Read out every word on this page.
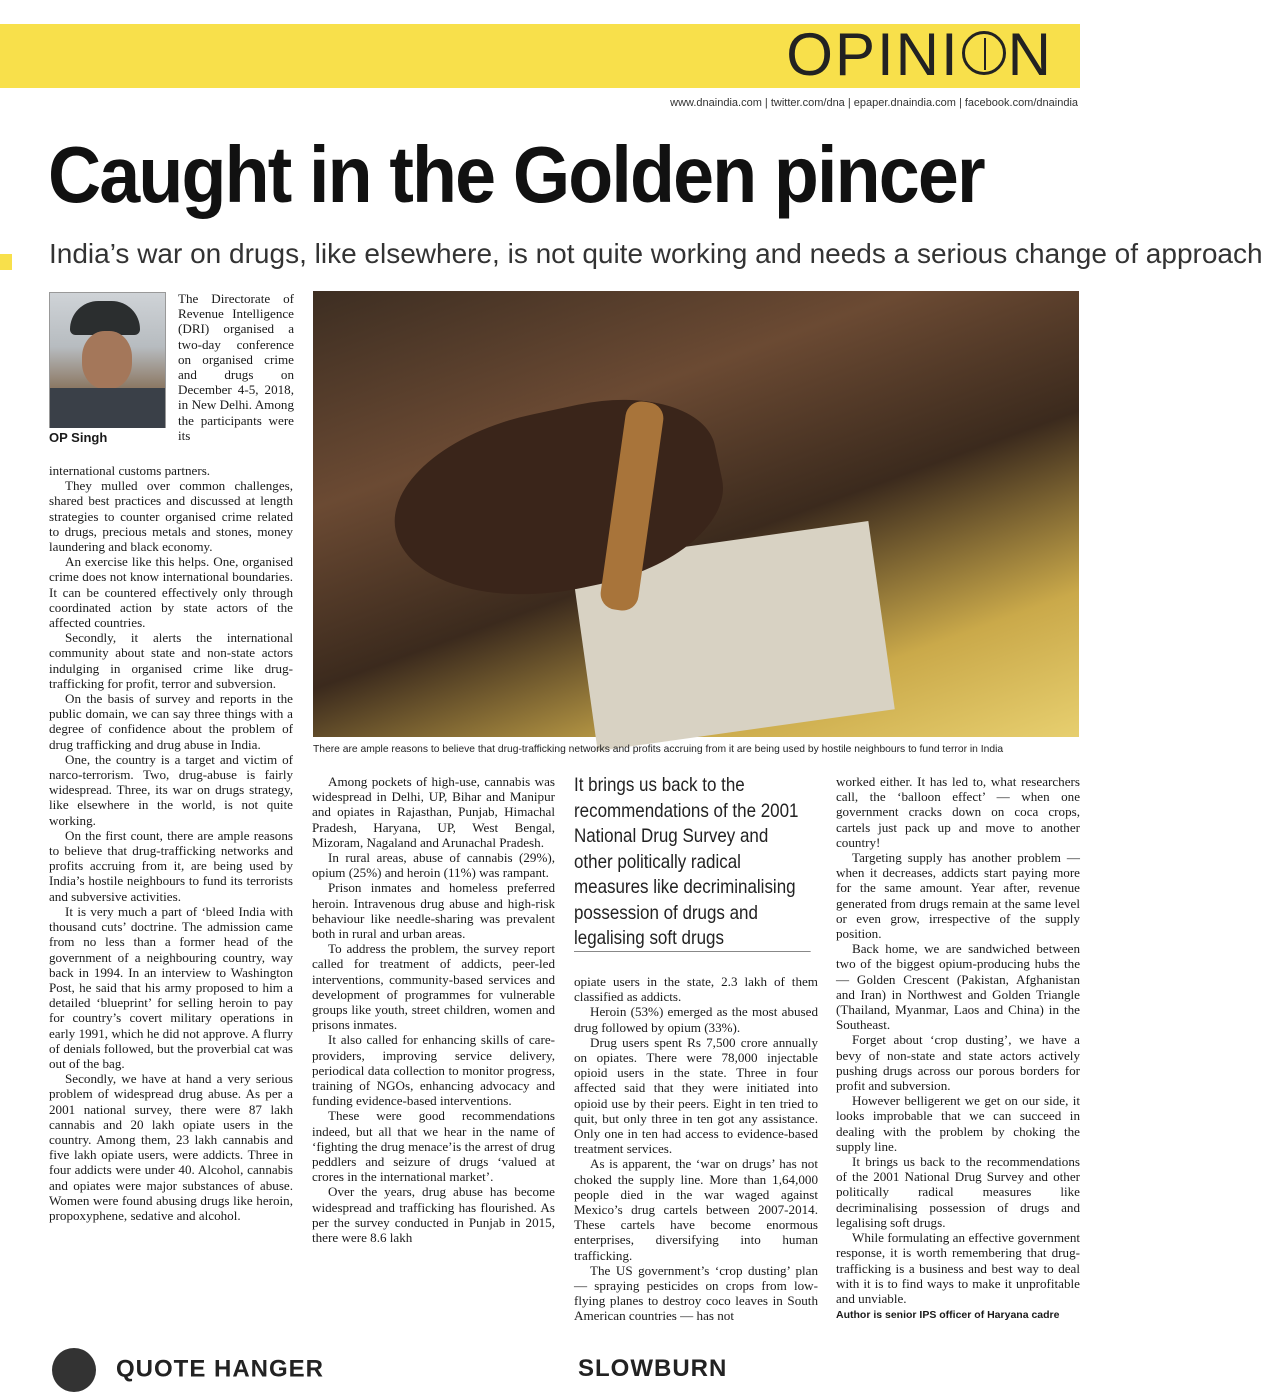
OPINI N
www.dnaindia.com | twitter.com/dna | epaper.dnaindia.com | facebook.com/dnaindia
Caught in the Golden pincer
India’s war on drugs, like elsewhere, is not quite working and needs a serious change of approach
OP Singh

The Directorate of Revenue Intelligence (DRI) organised a two-day conference on organised crime and drugs on December 4-5, 2018, in New Delhi. Among the participants were its

There are ample reasons to believe that drug-trafficking networks and profits accruing from it are being used by hostile neighbours to fund terror in India

international customs partners.

They mulled over common challenges, shared best practices and discussed at length strategies to counter organised crime related to drugs, precious metals and stones, money laundering and black economy.

An exercise like this helps. One, organised crime does not know international boundaries. It can be countered effectively only through coordinated action by state actors of the affected countries.

Secondly, it alerts the international community about state and non-state actors indulging in organised crime like drug-trafficking for profit, terror and subversion.

On the basis of survey and reports in the public domain, we can say three things with a degree of confidence about the problem of drug trafficking and drug abuse in India.

One, the country is a target and victim of narco-terrorism. Two, drug-abuse is fairly widespread. Three, its war on drugs strategy, like elsewhere in the world, is not quite working.

On the first count, there are ample reasons to believe that drug-trafficking networks and profits accruing from it, are being used by India’s hostile neighbours to fund its terrorists and subversive activities.

It is very much a part of ‘bleed India with thousand cuts’ doctrine. The admission came from no less than a former head of the government of a neighbouring country, way back in 1994. In an interview to Washington Post, he said that his army proposed to him a detailed ‘blueprint’ for selling heroin to pay for country’s covert military operations in early 1991, which he did not approve. A flurry of denials followed, but the proverbial cat was out of the bag.

Secondly, we have at hand a very serious problem of widespread drug abuse. As per a 2001 national survey, there were 87 lakh cannabis and 20 lakh opiate users in the country. Among them, 23 lakh cannabis and five lakh opiate users, were addicts. Three in four addicts were under 40. Alcohol, cannabis and opiates were major substances of abuse. Women were found abusing drugs like heroin, propoxyphene, sedative and alcohol.

Among pockets of high-use, cannabis was widespread in Delhi, UP, Bihar and Manipur and opiates in Rajasthan, Punjab, Himachal Pradesh, Haryana, UP, West Bengal, Mizoram, Nagaland and Arunachal Pradesh.

In rural areas, abuse of cannabis (29%), opium (25%) and heroin (11%) was rampant.

Prison inmates and homeless preferred heroin. Intravenous drug abuse and high-risk behaviour like needle-sharing was prevalent both in rural and urban areas.

To address the problem, the survey report called for treatment of addicts, peer-led interventions, community-based services and development of programmes for vulnerable groups like youth, street children, women and prisons inmates.

It also called for enhancing skills of care-providers, improving service delivery, periodical data collection to monitor progress, training of NGOs, enhancing advocacy and funding evidence-based interventions.

These were good recommendations indeed, but all that we hear in the name of ‘fighting the drug menace’is the arrest of drug peddlers and seizure of drugs ‘valued at crores in the international market’.

Over the years, drug abuse has become widespread and trafficking has flourished. As per the survey conducted in Punjab in 2015, there were 8.6 lakh

It brings us back to the recommendations of the 2001 National Drug Survey and other politically radical measures like decriminalising possession of drugs and legalising soft drugs

opiate users in the state, 2.3 lakh of them classified as addicts.

Heroin (53%) emerged as the most abused drug followed by opium (33%).

Drug users spent Rs 7,500 crore annually on opiates. There were 78,000 injectable opioid users in the state. Three in four affected said that they were initiated into opioid use by their peers. Eight in ten tried to quit, but only three in ten got any assistance. Only one in ten had access to evidence-based treatment services.

As is apparent, the ‘war on drugs’ has not choked the supply line. More than 1,64,000 people died in the war waged against Mexico’s drug cartels between 2007-2014. These cartels have become enormous enterprises, diversifying into human trafficking.

The US government’s ‘crop dusting’ plan — spraying pesticides on crops from low-flying planes to destroy coco leaves in South American countries — has not

worked either. It has led to, what researchers call, the ‘balloon effect’ — when one government cracks down on coca crops, cartels just pack up and move to another country!

Targeting supply has another problem — when it decreases, addicts start paying more for the same amount. Year after, revenue generated from drugs remain at the same level or even grow, irrespective of the supply position.

Back home, we are sandwiched between two of the biggest opium-producing hubs the — Golden Crescent (Pakistan, Afghanistan and Iran) in Northwest and Golden Triangle (Thailand, Myanmar, Laos and China) in the Southeast.

Forget about ‘crop dusting’, we have a bevy of non-state and state actors actively pushing drugs across our porous borders for profit and subversion.

However belligerent we get on our side, it looks improbable that we can succeed in dealing with the problem by choking the supply line.

It brings us back to the recommendations of the 2001 National Drug Survey and other politically radical measures like decriminalising possession of drugs and legalising soft drugs.

While formulating an effective government response, it is worth remembering that drug-trafficking is a business and best way to deal with it is to find ways to make it unprofitable and unviable.

Author is senior IPS officer of Haryana cadre

QUOTE HANGER	SLOWBURN
